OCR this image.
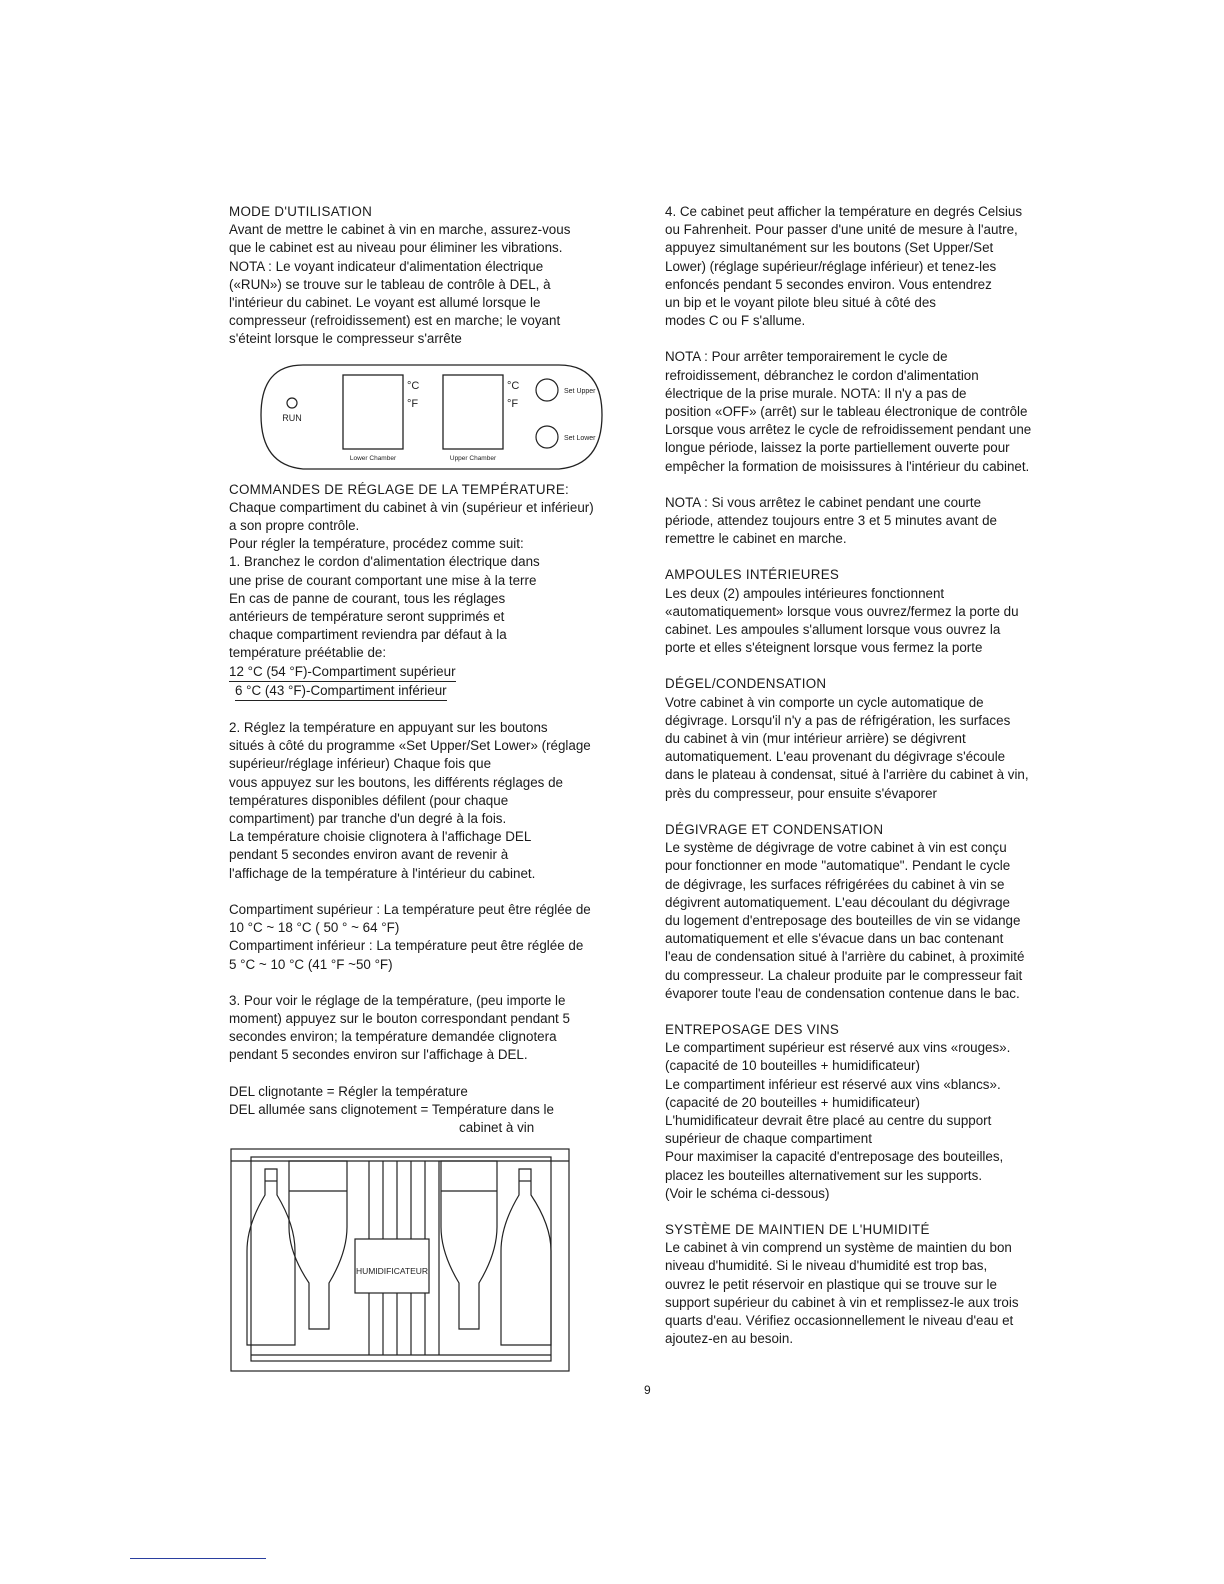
MODE D'UTILISATION

Avant de mettre le cabinet à vin en marche, assurez-vous
que le cabinet est au niveau pour éliminer les vibrations.
NOTA : Le voyant indicateur d'alimentation électrique
(«RUN») se trouve sur le tableau de contrôle à DEL, à
l'intérieur du cabinet. Le voyant est allumé lorsque le
compresseur (refroidissement) est en marche; le voyant
s'éteint lorsque le compresseur s'arrête

RUN
°C
°F
Lower Chamber
°C
°F
Upper Chamber
Set Upper
Set Lower

COMMANDES DE RÉGLAGE DE LA TEMPÉRATURE:

Chaque compartiment du cabinet à vin (supérieur et inférieur)
a son propre contrôle.
Pour régler la température, procédez comme suit:
1. Branchez le cordon d'alimentation électrique dans
une prise de courant comportant une mise à la terre
En cas de panne de courant, tous les réglages
antérieurs de température seront supprimés et
chaque compartiment reviendra par défaut à la
température préétablie de:

12 °C (54 °F)-Compartiment supérieur

6 °C (43 °F)-Compartiment inférieur

2. Réglez la température en appuyant sur les boutons
situés à côté du programme «Set Upper/Set Lower» (réglage
supérieur/réglage inférieur) Chaque fois que
vous appuyez sur les boutons, les différents réglages de
températures disponibles défilent (pour chaque
compartiment) par tranche d'un degré à la fois.
La température choisie clignotera à l'affichage DEL
pendant 5 secondes environ avant de revenir à
l'affichage de la température à l'intérieur du cabinet.

Compartiment supérieur : La température peut être réglée de
10 °C ~ 18 °C ( 50 ° ~ 64 °F)
Compartiment inférieur : La température peut être réglée de
5 °C ~ 10 °C (41 °F ~50 °F)

3. Pour voir le réglage de la température, (peu importe le
moment) appuyez sur le bouton correspondant pendant 5
secondes environ; la température demandée clignotera
pendant 5 secondes environ sur l'affichage à DEL.

DEL clignotante = Régler la température

DEL allumée sans clignotement = Température dans le

cabinet à vin

HUMIDIFICATEUR

4. Ce cabinet peut afficher la température en degrés Celsius
ou Fahrenheit. Pour passer d'une unité de mesure à l'autre,
appuyez simultanément sur les boutons (Set Upper/Set
Lower) (réglage supérieur/réglage inférieur) et tenez-les
enfoncés pendant 5 secondes environ. Vous entendrez
un bip et le voyant pilote bleu situé à côté des
modes C ou F s'allume.

NOTA : Pour arrêter temporairement le cycle de
refroidissement, débranchez le cordon d'alimentation
électrique de la prise murale. NOTA: Il n'y a pas de
position «OFF» (arrêt) sur le tableau électronique de contrôle
Lorsque vous arrêtez le cycle de refroidissement pendant une
longue période, laissez la porte partiellement ouverte pour
empêcher la formation de moisissures à l'intérieur du cabinet.

NOTA : Si vous arrêtez le cabinet pendant une courte
période, attendez toujours entre 3 et 5 minutes avant de
remettre le cabinet en marche.

AMPOULES INTÉRIEURES

Les deux (2) ampoules intérieures fonctionnent
«automatiquement» lorsque vous ouvrez/fermez la porte du
cabinet. Les ampoules s'allument lorsque vous ouvrez la
porte et elles s'éteignent lorsque vous fermez la porte

DÉGEL/CONDENSATION

Votre cabinet à vin comporte un cycle automatique de
dégivrage. Lorsqu'il n'y a pas de réfrigération, les surfaces
du cabinet à vin (mur intérieur arrière) se dégivrent
automatiquement. L'eau provenant du dégivrage s'écoule
dans le plateau à condensat, situé à l'arrière du cabinet à vin,
près du compresseur, pour ensuite s'évaporer

DÉGIVRAGE ET CONDENSATION

Le système de dégivrage de votre cabinet à vin est conçu
pour fonctionner en mode "automatique". Pendant le cycle
de dégivrage, les surfaces réfrigérées du cabinet à vin se
dégivrent automatiquement. L'eau découlant du dégivrage
du logement d'entreposage des bouteilles de vin se vidange
automatiquement et elle s'évacue dans un bac contenant
l'eau de condensation situé à l'arrière du cabinet, à proximité
du compresseur. La chaleur produite par le compresseur fait
évaporer toute l'eau de condensation contenue dans le bac.

ENTREPOSAGE DES VINS

Le compartiment supérieur est réservé aux vins «rouges».
(capacité de 10 bouteilles + humidificateur)
Le compartiment inférieur est réservé aux vins «blancs».
(capacité de 20 bouteilles + humidificateur)
L'humidificateur devrait être placé au centre du support
supérieur de chaque compartiment
Pour maximiser la capacité d'entreposage des bouteilles,
placez les bouteilles alternativement sur les supports.
(Voir le schéma ci-dessous)

SYSTÈME DE MAINTIEN DE L'HUMIDITÉ

Le cabinet à vin comprend un système de maintien du bon
niveau d'humidité. Si le niveau d'humidité est trop bas,
ouvrez le petit réservoir en plastique qui se trouve sur le
support supérieur du cabinet à vin et remplissez-le aux trois
quarts d'eau. Vérifiez occasionnellement le niveau d'eau et
ajoutez-en au besoin.

9
